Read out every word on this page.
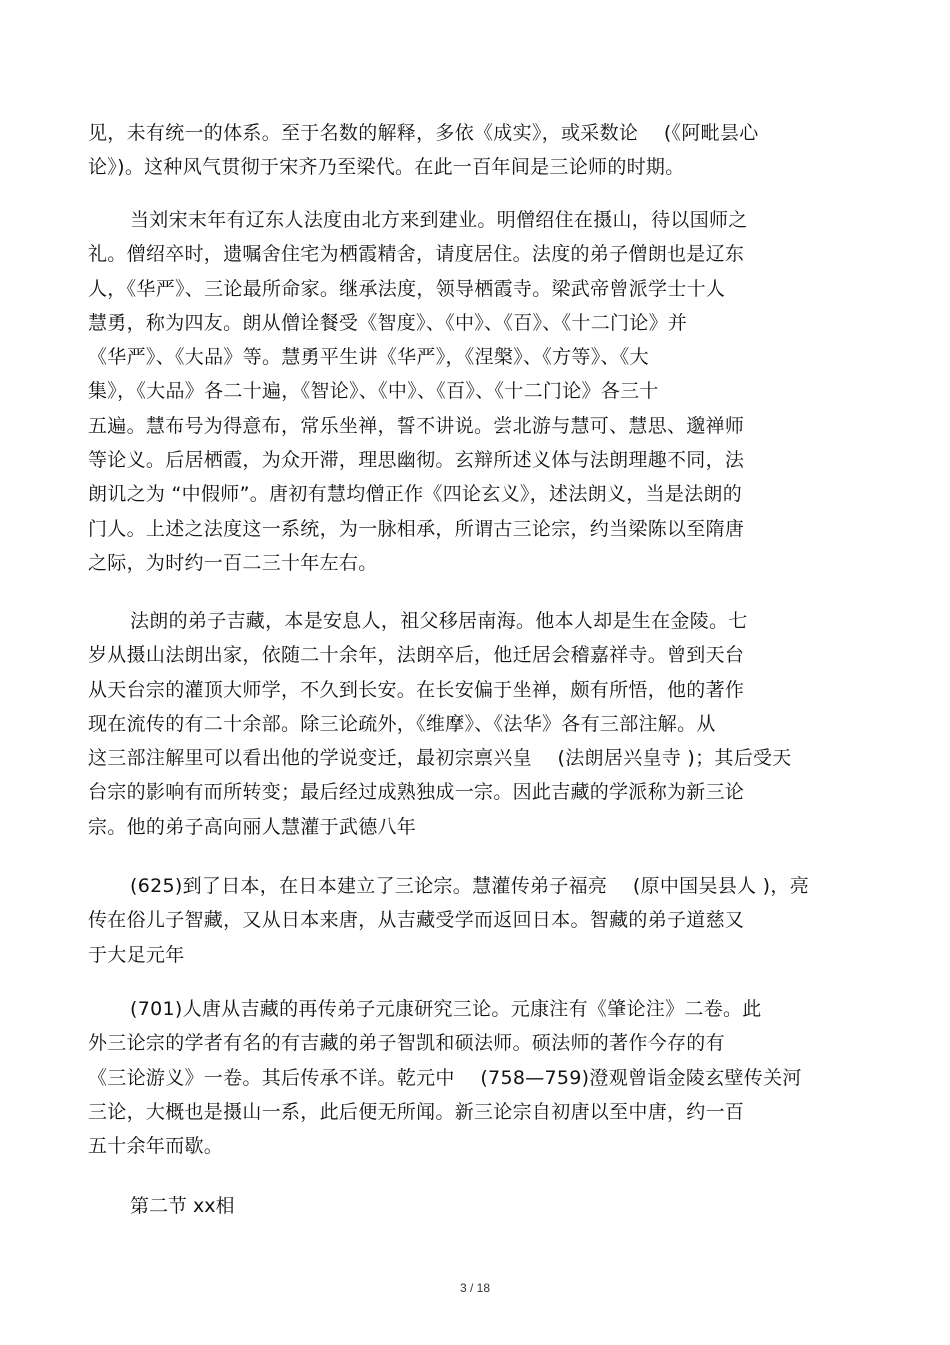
见，未有统一的体系。至于名数的解释，多依《成实》，或采数论　 (《阿毗昙心
论》)。这种风气贯彻于宋齐乃至梁代。在此一百年间是三论师的时期。
当刘宋末年有辽东人法度由北方来到建业。明僧绍住在摄山，待以国师之
礼。僧绍卒时，遗嘱舍住宅为栖霞精舍，请度居住。法度的弟子僧朗也是辽东
人，《华严》、三论最所命家。继承法度，领导栖霞寺。梁武帝曾派学士十人
慧勇，称为四友。朗从僧诠餐受《智度》、《中》、《百》、《十二门论》并
《华严》、《大品》等。慧勇平生讲《华严》，《涅槃》、《方等》、《大
集》，《大品》各二十遍，《智论》、《中》、《百》、《十二门论》各三十
五遍。慧布号为得意布，常乐坐禅，誓不讲说。尝北游与慧可、慧思、邈禅师
等论义。后居栖霞，为众开滞，理思幽彻。玄辩所述义体与法朗理趣不同，法
朗讥之为 “中假师”。唐初有慧均僧正作《四论玄义》，述法朗义，当是法朗的
门人。上述之法度这一系统，为一脉相承，所谓古三论宗，约当梁陈以至隋唐
之际，为时约一百二三十年左右。
法朗的弟子吉藏，本是安息人，祖父移居南海。他本人却是生在金陵。七
岁从摄山法朗出家，依随二十余年，法朗卒后，他迁居会稽嘉祥寺。曾到天台
从天台宗的灌顶大师学，不久到长安。在长安偏于坐禅，颇有所悟，他的著作
现在流传的有二十余部。除三论疏外，《维摩》、《法华》各有三部注解。从
这三部注解里可以看出他的学说变迁，最初宗禀兴皇　 (法朗居兴皇寺 )；其后受天
台宗的影响有而所转变；最后经过成熟独成一宗。因此吉藏的学派称为新三论
宗。他的弟子高向丽人慧灌于武德八年
(625)到了日本，在日本建立了三论宗。慧灌传弟子福亮　 (原中国吴县人 )，亮
传在俗儿子智藏，又从日本来唐，从吉藏受学而返回日本。智藏的弟子道慈又
于大足元年
(701)人唐从吉藏的再传弟子元康研究三论。元康注有《肇论注》二卷。此
外三论宗的学者有名的有吉藏的弟子智凯和硕法师。硕法师的著作今存的有
《三论游义》一卷。其后传承不详。乾元中　 (758—759)澄观曾诣金陵玄壁传关河
三论，大概也是摄山一系，此后便无所闻。新三论宗自初唐以至中唐，约一百
五十余年而歇。
第二节 xx相
3 / 18
